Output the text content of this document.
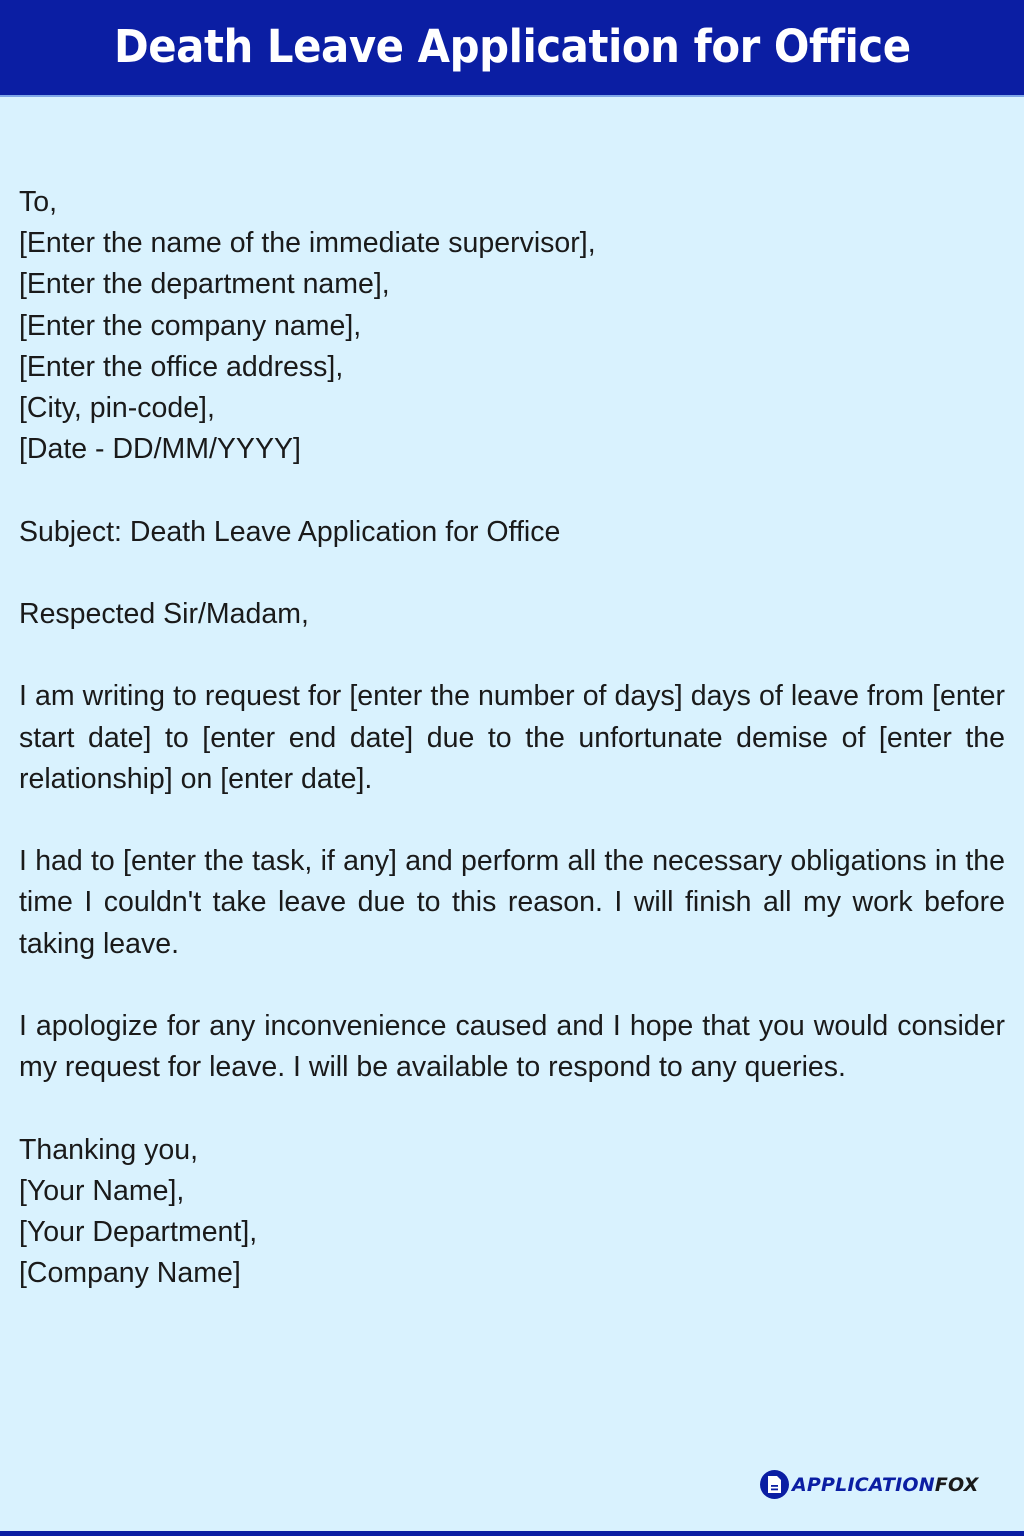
Death Leave Application for Office
To,
[Enter the name of the immediate supervisor],
[Enter the department name],
[Enter the company name],
[Enter the office address],
[City, pin-code],
[Date - DD/MM/YYYY]

Subject: Death Leave Application for Office

Respected Sir/Madam,

I am writing to request for [enter the number of days] days of leave from [enter start date] to [enter end date] due to the unfortunate demise of [enter the relationship] on [enter date].

I had to [enter the task, if any] and perform all the necessary obligations in the time I couldn't take leave due to this reason. I will finish all my work before taking leave.

I apologize for any inconvenience caused and I hope that you would consider my request for leave. I will be available to respond to any queries.

Thanking you,
[Your Name],
[Your Department],
[Company Name]
APPLICATIONFOX
